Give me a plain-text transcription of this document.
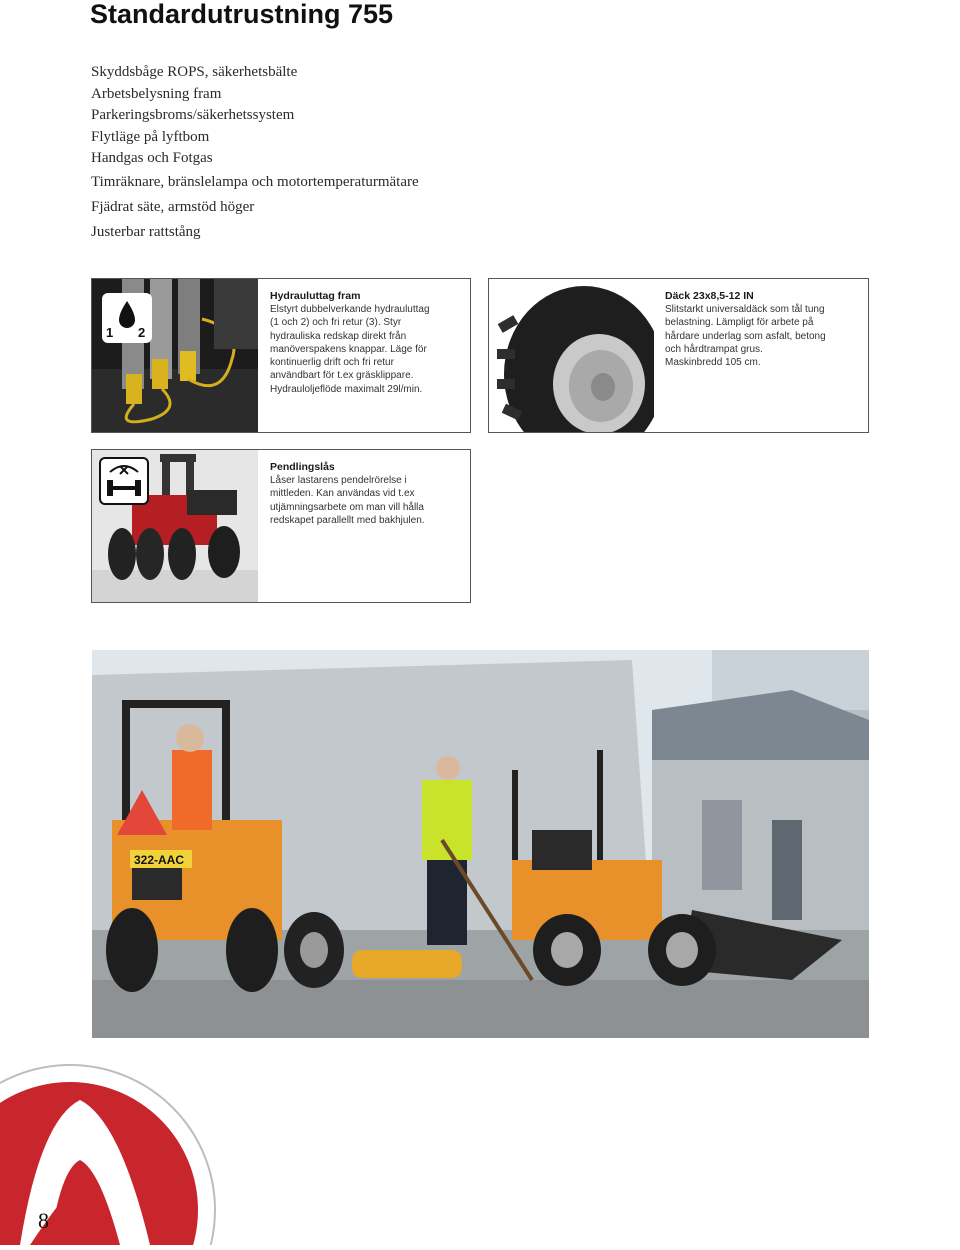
Standardutrustning 755
Skyddsbåge ROPS, säkerhetsbälte
Arbetsbelysning fram
Parkeringsbroms/säkerhetssystem
Flytläge på lyftbom
Handgas och Fotgas
Timräknare, bränslelampa och motortemperaturmätare
Fjädrat säte, armstöd höger
Justerbar rattstång
1 2
Hydrauluttag fram

Elstyrt dubbelverkande hydrauluttag

(1 och 2) och fri retur (3). Styr

hydrauliska redskap direkt från

manöverspakens knappar. Läge för

kontinuerlig drift och fri retur

användbart för t.ex gräsklippare.

Hydrauloljeflöde maximalt 29l/min.

Däck 23x8,5-12 IN

Slitstarkt universaldäck som tål tung

belastning. Lämpligt för arbete på

hårdare underlag som asfalt, betong

och hårdtrampat grus.

Maskinbredd 105 cm.

Pendlingslås

Låser lastarens pendelrörelse i

mittleden. Kan användas vid t.ex

utjämningsarbete om man vill hålla

redskapet parallellt med bakhjulen.

322-AAC
8
